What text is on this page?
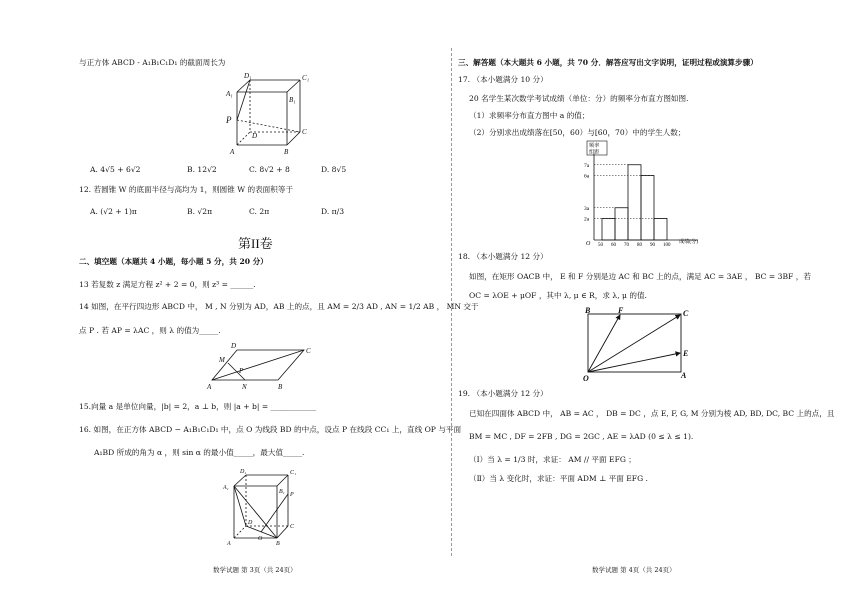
与正方体 ABCD - A₁B₁C₁D₁ 的截面周长为
D₁	C₁
A₁
B₁
P
D	C
A	B
A. 4√5 + 6√2	B. 12√2	C. 8√2 + 8	D. 8√5
12. 若圆锥 W 的底面半径与高均为 1，则圆锥 W 的表面积等于
A. (√2 + 1)π	B. √2π	C. 2π	D. π/3
第II卷
二、填空题（本题共 4 小题，每小题 5 分，共 20 分）
13 若复数 z 满足方程 z² + 2 = 0，则 z³ = ______.
14 如图，在平行四边形 ABCD 中， M , N 分别为 AD，AB 上的点，且 AM = 2/3 AD , AN = 1/2 AB ， MN 交于
点 P . 若 AP = λAC ，则 λ 的值为_____.
D
C
M
P
A	N	B
15.向量 a 是单位向量，|b| = 2，a ⊥ b，则 |a + b| = ____________
16. 如图，在正方体 ABCD − A₁B₁C₁D₁ 中，点 O 为线段 BD 的中点，设点 P 在线段 CC₁ 上，直线 OP 与平面
A₁BD 所成的角为 α ，则 sin α 的最小值_____，最大值_____.
D₁	C₁
A₁
B₁ P
D
C
O
A	B
数学试题 第 3页（共 24页）
三、解答题（本大题共 6 小题，共 70 分．解答应写出文字说明，证明过程或演算步骤）
17. （本小题满分 10 分）
20 名学生某次数学考试成绩（单位：分）的频率分布直方图如图.
（1）求频率分布直方图中 a 的值；
（2）分别求出成绩落在[50，60）与[60，70）中的学生人数；
频率
组距
2a
3a
6a
7a
50 60 70 80 90 100
O	成绩(分)
18. （本小题满分 12 分）
如图，在矩形 OACB 中， E 和 F 分别是边 AC 和 BC 上的点，满足 AC = 3AE ， BC = 3BF ，若
OC = λOE + μOF ，其中 λ, μ ∈ R，求 λ, μ 的值.
B	F	C
E
O	A
19. （本小题满分 12 分）
已知在四面体 ABCD 中， AB = AC ， DB = DC ，点 E, F, G, M 分别为棱 AD, BD, DC, BC 上的点，且
BM = MC , DF = 2FB , DG = 2GC , AE = λAD (0 ≤ λ ≤ 1).
（Ⅰ）当 λ = 1/3 时，求证： AM // 平面 EFG ；
（Ⅱ）当 λ 变化时，求证：平面 ADM ⊥ 平面 EFG .
数学试题 第 4页（共 24页）
